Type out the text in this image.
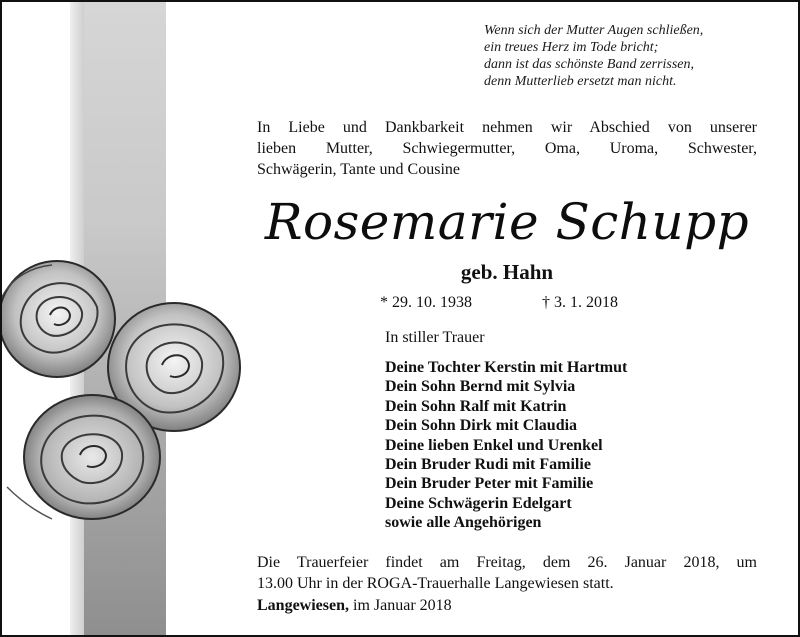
Wenn sich der Mutter Augen schließen,
ein treues Herz im Tode bricht;
dann ist das schönste Band zerrissen,
denn Mutterlieb ersetzt man nicht.
In Liebe und Dankbarkeit nehmen wir Abschied von unserer
lieben Mutter, Schwiegermutter, Oma, Uroma, Schwester,
Schwägerin, Tante und Cousine
Rosemarie Schupp
geb. Hahn
* 29. 10. 1938	† 3. 1. 2018
In stiller Trauer
Deine Tochter Kerstin mit Hartmut
Dein Sohn Bernd mit Sylvia
Dein Sohn Ralf mit Katrin
Dein Sohn Dirk mit Claudia
Deine lieben Enkel und Urenkel
Dein Bruder Rudi mit Familie
Dein Bruder Peter mit Familie
Deine Schwägerin Edelgart
sowie alle Angehörigen
Die Trauerfeier findet am Freitag, dem 26. Januar 2018, um
13.00 Uhr in der ROGA-Trauerhalle Langewiesen statt.
Langewiesen, im Januar 2018
